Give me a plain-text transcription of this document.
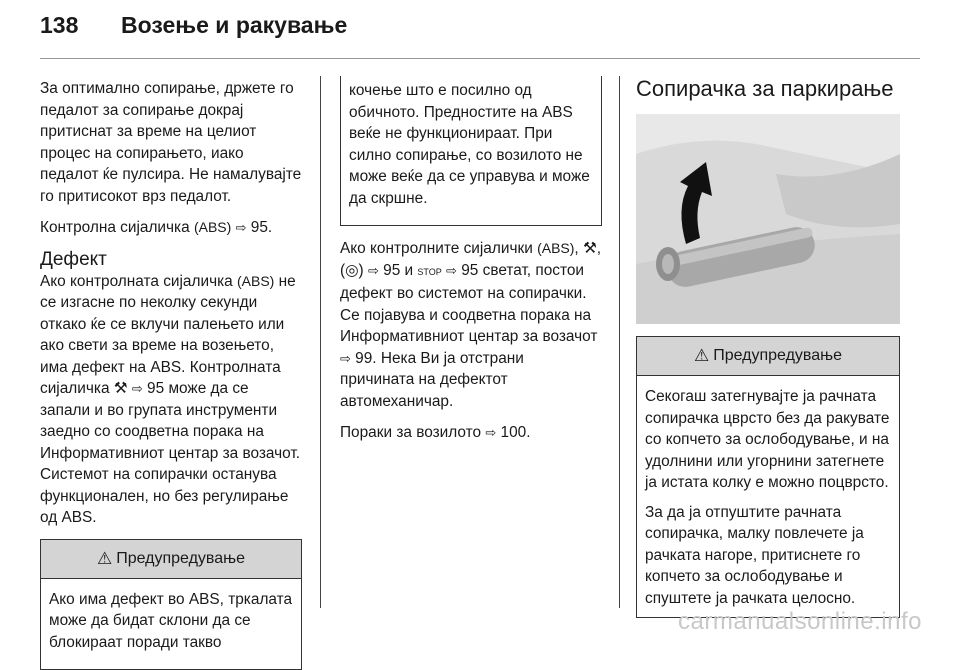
138 Возење и ракување

За оптимално сопирање, држете го педалот за сопирање докрај притиснат за време на целиот процес на сопирањето, иако педалот ќе пулсира. Не намалувајте го притисокот врз педалот.

Контролна сијаличка (ABS) ⇨ 95.

Дефект

Ако контролната сијаличка (ABS) не се изгасне по неколку секунди откако ќе се вклучи палењето или ако свети за време на возењето, има дефект на ABS. Контролната сијаличка ⚒ ⇨ 95 може да се запали и во групата инструменти заедно со соодветна порака на Информативниот центар за возачот. Системот на сопирачки останува функционален, но без регулирање од ABS.

⚠ Предупредување

Ако има дефект во ABS, тркалата може да бидат склони да се блокираат поради такво

кочење што е посилно од обичното. Предностите на ABS веќе не функционираат. При силно сопирање, со возилото не може веќе да се управува и може да скршне.

Ако контролните сијалички (ABS), ⚒, (◎) ⇨ 95 и STOP ⇨ 95 светат, постои дефект во системот на сопирачки. Се појавува и соодветна порака на Информативниот центар за возачот ⇨ 99. Нека Ви ја отстрани причината на дефектот автомеханичар.

Пораки за возилото ⇨ 100.

Сопирачка за паркирање
⚠ Предупредување

Секогаш затегнувајте ја рачната сопирачка цврсто без да ракувате со копчето за ослободување, и на удолнини или угорнини затегнете ја истата колку е можно поцврсто.

За да ја отпуштите рачната сопирачка, малку повлечете ја рачката нагоре, притиснете го копчето за ослободување и спуштете ја рачката целосно.

carmanualsonline.info
